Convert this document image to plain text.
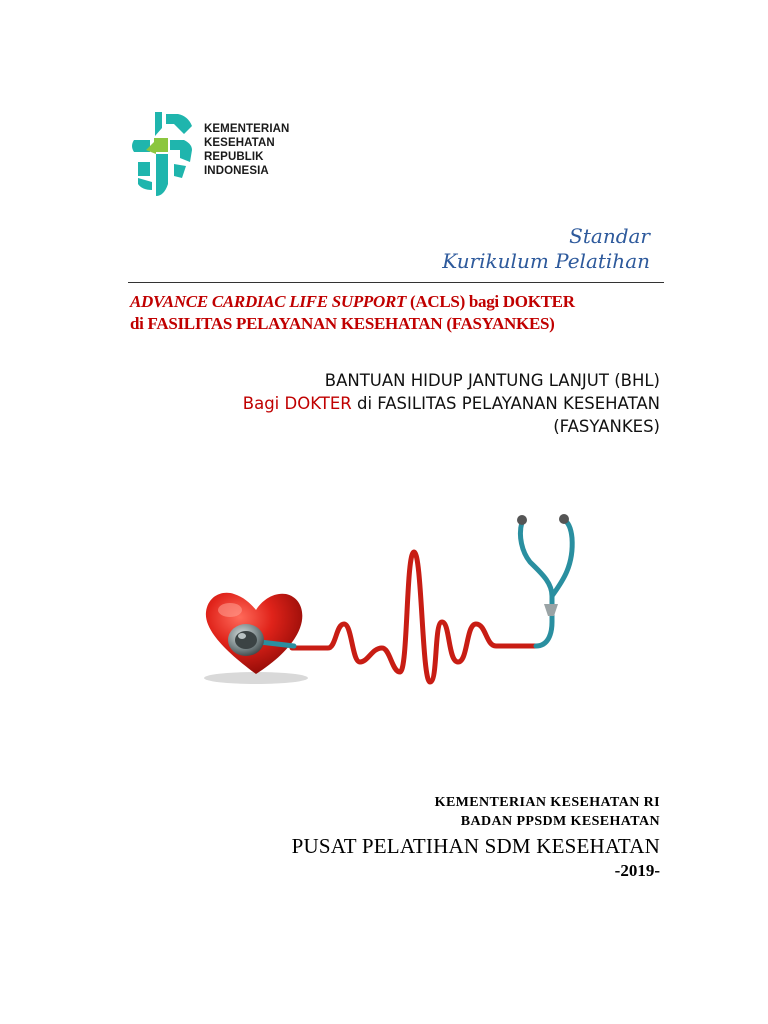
KEMENTERIAN
KESEHATAN
REPUBLIK
INDONESIA
Standar
Kurikulum Pelatihan
ADVANCE CARDIAC LIFE SUPPORT (ACLS) bagi DOKTER
di FASILITAS PELAYANAN KESEHATAN (FASYANKES)
BANTUAN HIDUP JANTUNG LANJUT (BHL)
Bagi DOKTER di FASILITAS PELAYANAN KESEHATAN
(FASYANKES)
KEMENTERIAN KESEHATAN RI
BADAN PPSDM KESEHATAN
PUSAT PELATIHAN SDM KESEHATAN
-2019-
